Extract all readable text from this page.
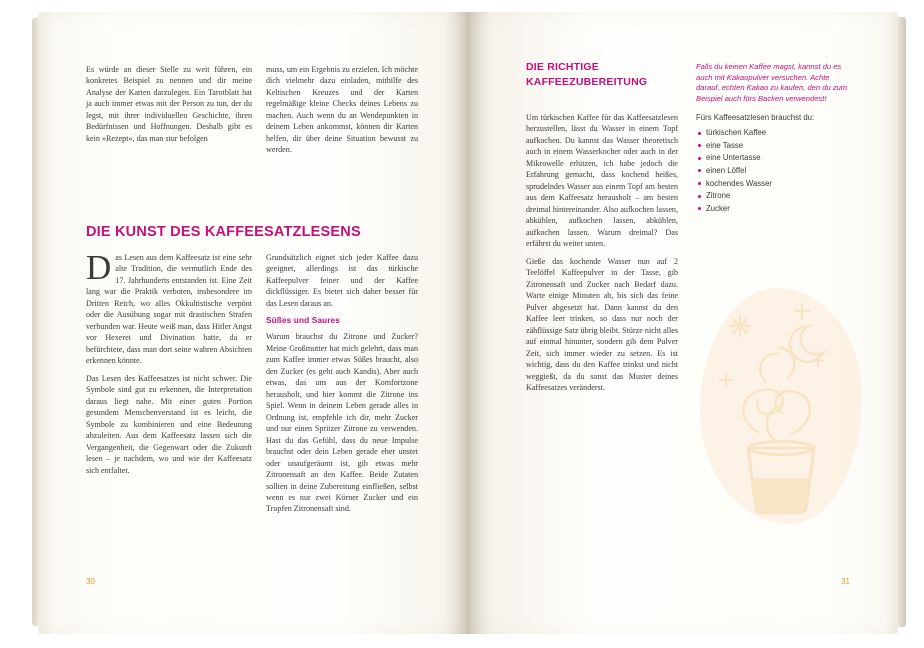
Es würde an dieser Stelle zu weit führen, ein konkretes Beispiel zu nennen und dir meine Analyse der Karten darzulegen. Ein Tarotblatt hat ja auch immer etwas mit der Person zu tun, der du legst, mit ihrer individuellen Geschichte, ihren Bedürfnissen und Hoffnungen. Deshalb gibt es kein »Rezept«, das man stur befolgen

muss, um ein Ergebnis zu erzielen. Ich möchte dich vielmehr dazu einladen, mithilfe des Keltischen Kreuzes und der Karten regelmäßige kleine Checks deines Lebens zu machen. Auch wenn du an Wendepunkten in deinem Leben ankommst, können dir Karten helfen, dir über deine Situation bewusst zu werden.

DIE KUNST DES KAFFEESATZLESENS

Das Lesen aus dem Kaffeesatz ist eine sehr alte Tradition, die vermutlich Ende des 17. Jahrhunderts entstanden ist. Eine Zeit lang war die Praktik verboten, insbesondere im Dritten Reich, wo alles Okkultistische verpönt oder die Ausübung sogar mit drastischen Strafen verbunden war. Heute weiß man, dass Hitler Angst vor Hexerei und Divination hatte, da er befürchtete, dass man dort seine wahren Absichten erkennen könnte.

Das Lesen des Kaffeesatzes ist nicht schwer. Die Symbole sind gut zu erkennen, die Interpretation daraus liegt nahe. Mit einer guten Portion gesundem Menschenverstand ist es leicht, die Symbole zu kombinieren und eine Bedeutung abzuleiten. Aus dem Kaffeesatz lassen sich die Vergangenheit, die Gegenwart oder die Zukunft lesen – je nachdem, wo und wie der Kaffeesatz sich entfaltet.

Grundsätzlich eignet sich jeder Kaffee dazu geeignet, allerdings ist das türkische Kaffeepulver feiner und der Kaffee dickflüssiger. Es bietet sich daher besser für das Lesen daraus an.

Süßes und Saures

Warum brauchst du Zitrone und Zucker? Meine Großmutter hat mich gelehrt, dass man zum Kaffee immer etwas Süßes braucht, also den Zucker (es geht auch Kandis). Aber auch etwas, das uns aus der Komfortzone herausholt, und hier kommt die Zitrone ins Spiel. Wenn in deinem Leben gerade alles in Ordnung ist, empfehle ich dir, mehr Zucker und nur einen Spritzer Zitrone zu verwenden. Hast du das Gefühl, dass du neue Impulse brauchst oder dein Leben gerade eher unstet oder unaufgeräumt ist, gib etwas mehr Zitronensaft an den Kaffee. Beide Zutaten sollten in deine Zubereitung einfließen, selbst wenn es nur zwei Körner Zucker und ein Tropfen Zitronensaft sind.

30
DIE RICHTIGE KAFFEEZUBEREITUNG
Falls du keinen Kaffee magst, kannst du es auch mit Kakaopulver versuchen. Achte darauf, echten Kakao zu kaufen, den du zum Beispiel auch fürs Backen verwendest!

Um türkischen Kaffee für das Kaffeesatzlesen herzustellen, lässt du Wasser in einem Topf aufkochen. Du kannst das Wasser theoretisch auch in einem Wasserkocher oder auch in der Mikrowelle erhitzen, ich habe jedoch die Erfahrung gemacht, dass kochend heißes, sprudelndes Wasser aus einem Topf am besten aus dem Kaffeesatz herausholt – am besten dreimal hintereinander. Also aufkochen lassen, abkühlen, aufkochen lassen, abkühlen, aufkochen lassen. Warum dreimal? Das erfährst du weiter unten.

Gieße das kochende Wasser nun auf 2 Teelöffel Kaffeepulver in der Tasse, gib Zitronensaft und Zucker nach Bedarf dazu. Warte einige Minuten ab, bis sich das feine Pulver abgesetzt hat. Dann kannst du den Kaffee leer trinken, so dass nur noch der zähflüssige Satz übrig bleibt. Stürze nicht alles auf einmal hinunter, sondern gib dem Pulver Zeit, sich immer wieder zu setzen. Es ist wichtig, dass du den Kaffee trinkst und nicht weggießt, da du sonst das Muster deines Kaffeesatzes veränderst.

Fürs Kaffeesatzlesen brauchst du:
türkischen Kaffee
eine Tasse
eine Untertasse
einen Löffel
kochendes Wasser
Zitrone
Zucker
31
